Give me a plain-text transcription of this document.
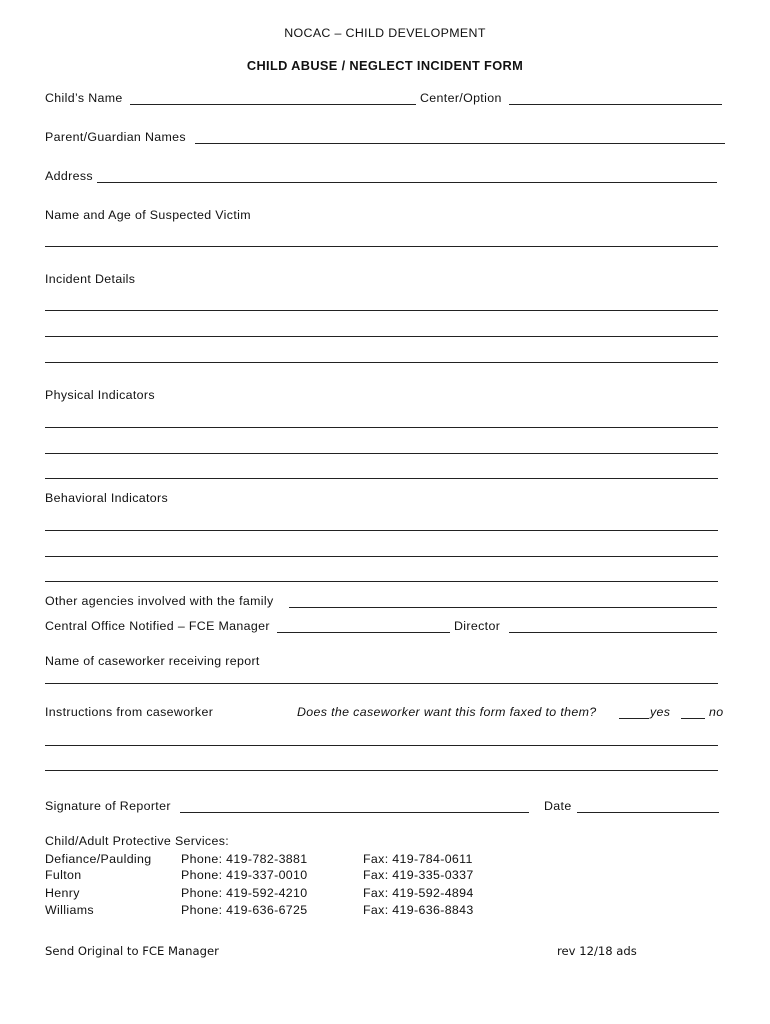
NOCAC – CHILD DEVELOPMENT
CHILD ABUSE / NEGLECT INCIDENT FORM
Child’s Name	Center/Option
Parent/Guardian Names
Address
Name and Age of Suspected Victim
Incident Details
Physical Indicators
Behavioral Indicators
Other agencies involved with the family
Central Office Notified – FCE Manager	Director
Name of caseworker receiving report
Instructions from caseworker	Does the caseworker want this form faxed to them?	yes	no
Signature of Reporter	Date
Child/Adult Protective Services:
Defiance/Paulding Phone: 419-782-3881	Fax: 419-784-0611
Fulton	Phone: 419-337-0010	Fax: 419-335-0337
Henry	Phone: 419-592-4210	Fax: 419-592-4894
Williams	Phone: 419-636-6725	Fax: 419-636-8843
Send Original to FCE Manager	rev 12/18 ads
